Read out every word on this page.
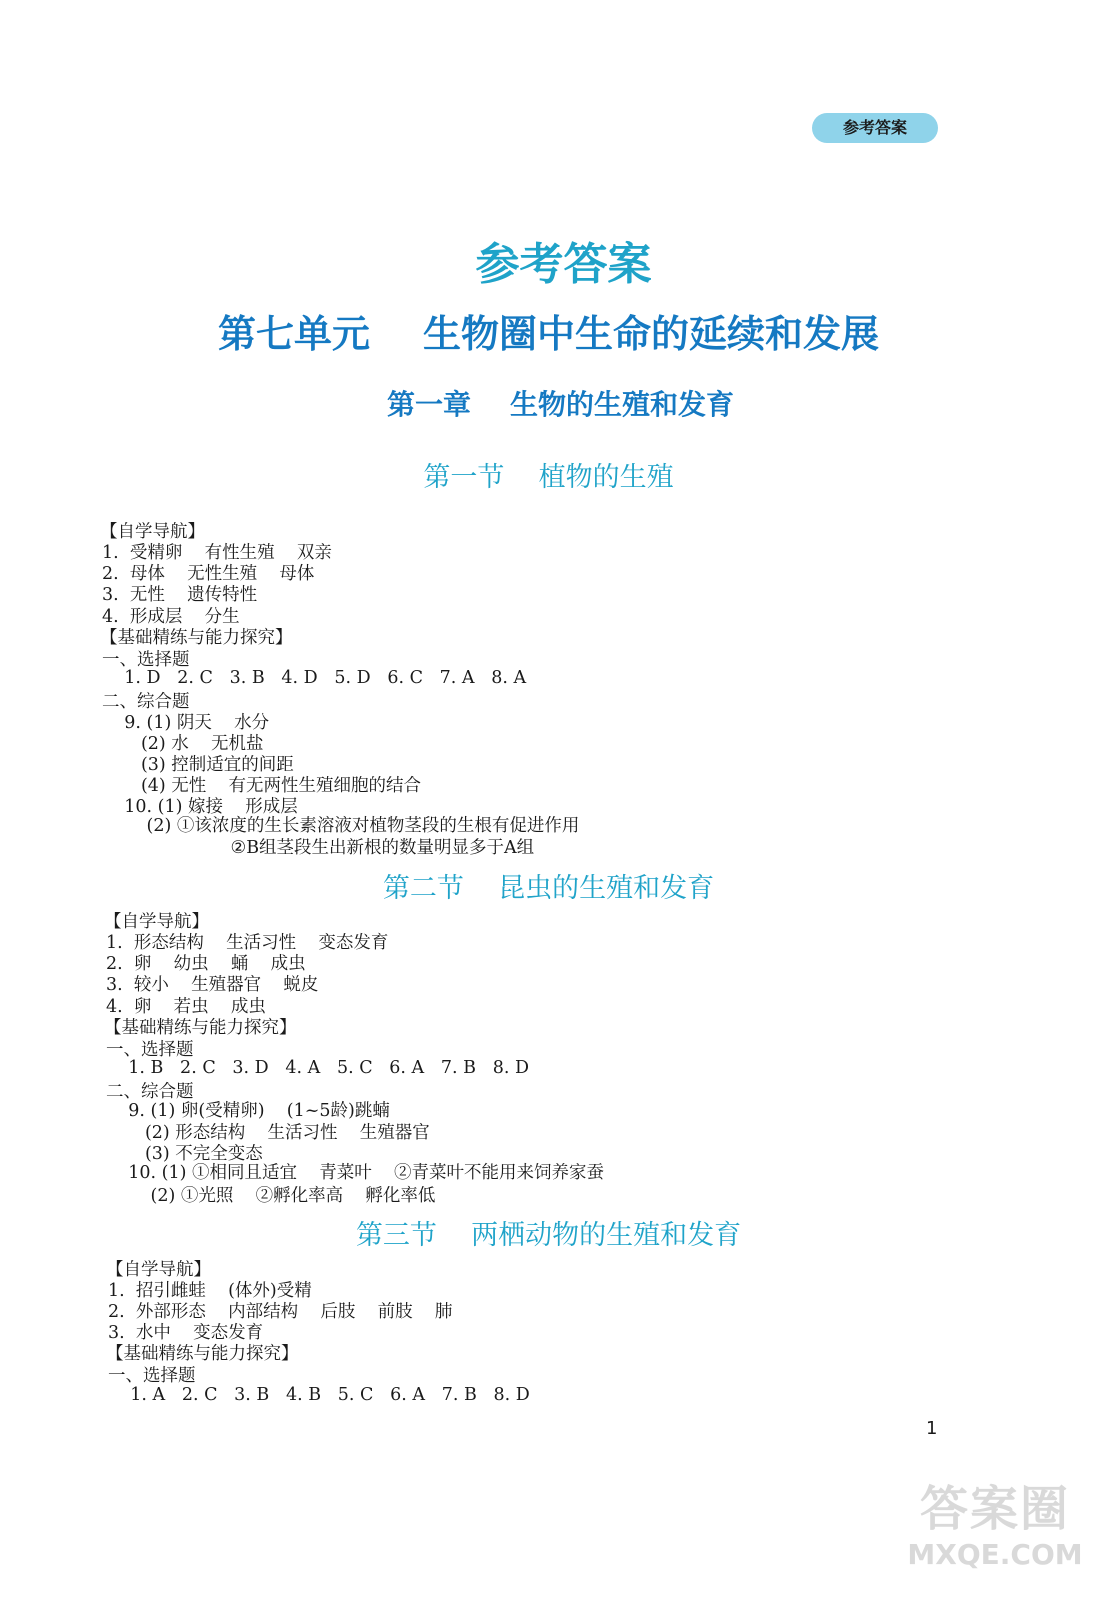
参考答案
参考答案
第七单元    生物圈中生命的延续和发展
第一章    生物的生殖和发育
第一节    植物的生殖
【自学导航】
1.  受精卵    有性生殖    双亲
2.  母体    无性生殖    母体
3.  无性    遗传特性
4.  形成层    分生
【基础精练与能力探究】
一、选择题
1. D   2. C   3. B   4. D   5. D   6. C   7. A   8. A
二、综合题
9. (1) 阴天    水分
(2) 水    无机盐
(3) 控制适宜的间距
(4) 无性    有无两性生殖细胞的结合
10. (1) 嫁接    形成层
(2) ①该浓度的生长素溶液对植物茎段的生根有促进作用
②B组茎段生出新根的数量明显多于A组
第二节    昆虫的生殖和发育
【自学导航】
1.  形态结构    生活习性    变态发育
2.  卵    幼虫    蛹    成虫
3.  较小    生殖器官    蜕皮
4.  卵    若虫    成虫
【基础精练与能力探究】
一、选择题
1. B   2. C   3. D   4. A   5. C   6. A   7. B   8. D
二、综合题
9. (1) 卵(受精卵)    (1~5龄)跳蝻
(2) 形态结构    生活习性    生殖器官
(3) 不完全变态
10. (1) ①相同且适宜    青菜叶    ②青菜叶不能用来饲养家蚕
(2) ①光照    ②孵化率高    孵化率低
第三节    两栖动物的生殖和发育
【自学导航】
1.  招引雌蛙    (体外)受精
2.  外部形态    内部结构    后肢    前肢    肺
3.  水中    变态发育
【基础精练与能力探究】
一、选择题
1. A   2. C   3. B   4. B   5. C   6. A   7. B   8. D
1
答案圈
MXQE.COM
